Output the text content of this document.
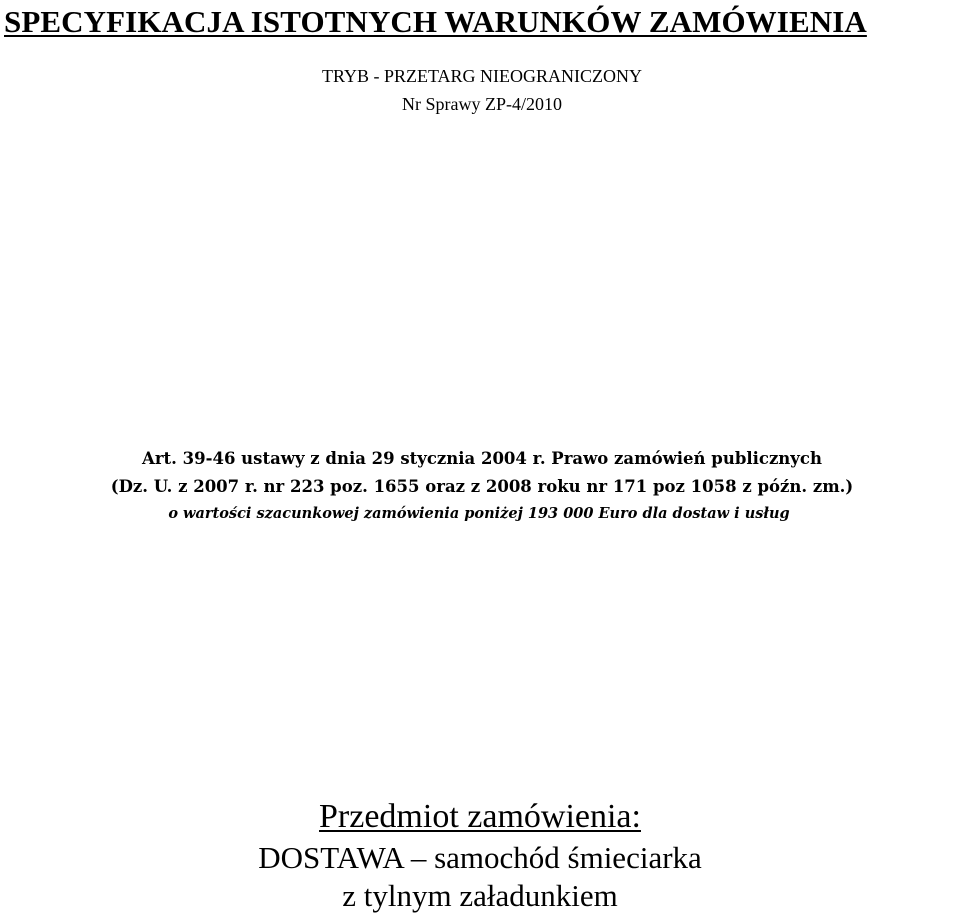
SPECYFIKACJA ISTOTNYCH WARUNKÓW ZAMÓWIENIA

TRYB - PRZETARG NIEOGRANICZONY

Nr Sprawy ZP-4/2010

Art. 39-46 ustawy z dnia 29 stycznia 2004 r. Prawo zamówień publicznych

(Dz. U. z 2007 r. nr 223 poz. 1655 oraz z 2008 roku nr 171 poz 1058 z późn. zm.)

o wartości szacunkowej zamówienia poniżej 193 000 Euro dla dostaw i usług

Przedmiot zamówienia:

DOSTAWA – samochód śmieciarka

z tylnym załadunkiem
